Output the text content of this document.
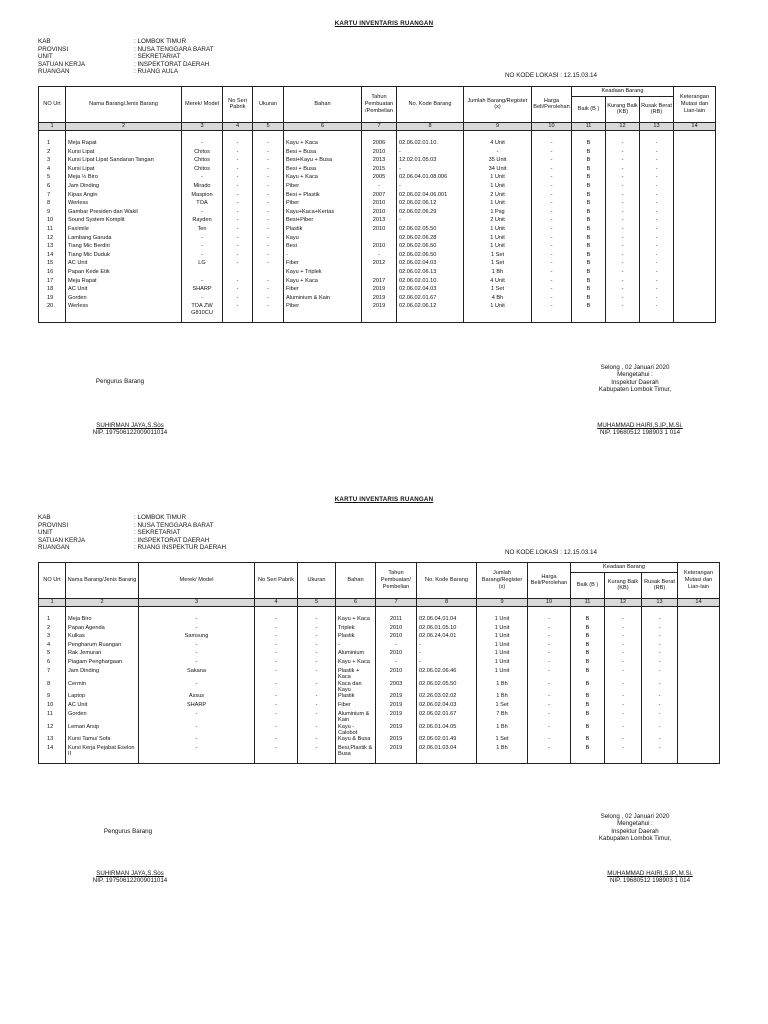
KARTU INVENTARIS RUANGAN
KAB	: LOMBOK TIMUR
PROVINSI	: NUSA TENGGARA BARAT
UNIT	: SEKRETARIAT
SATUAN KERJA	: INSPEKTORAT DAERAH
RUANGAN	: RUANG AULA
NO KODE LOKASI : 12.15.03.14
NO Urt	Nama Barang/Jenis Barang	Merek/ Model	No Seri Pabrik	Ukuran	Bahan	Tahun Pembuatan /Pembelian	No. Kode Barang	Jumlah Barang/Register (x)	Harga Beli/Perolehan	Keadaan Barang			Keterangan Mutasi dan Lian-lain
										Baik (B )	Kurang Baik (KB)	Rusak Berat (RB)	
1	2	3	4	5	6	7	8	9	10	11	12	13	14

1	Meja Rapat	-	-	-	Kayu + Kaca	2006	02.06.02.01.10.	4 Unit	-	B	-	-	
2	Kursi Lipat	Chitos	-	-	Besi + Busa	2010	-	-	-	B	-	-	
3	Kursi Lipat Lipat Sandaran Tangan	Chitos	-	-	Besi+Kayu + Busa	2013	12.02.01.05.03	35 Unit	-	B	-	-	
4	Kursi Lipat	Chitos	-	-	Besi + Busa	2015	-	34 Unit	-	B	-	-	
5	Meja ½ Biro	-	-	-	Kayu + Kaca	2005	02.06.04.01.08.006	1 Unit	-	B	-	-	
6	Jam Dinding	Mirado	-	-	Piber	-	-	1 Unit	-	B	-	-	
7	Kipas Angin	Maspion	-	-	Besi + Plastik	2007	02.06.02.04.06.001	2 Unit	-	B	-	-	
8	Werless	TOA	-	-	Piber	2010	02.06.02.06.12	1 Unit	-	B	-	-	
9	Gambar Presiden dan Wakil	-	-	-	Kayu+Kaca+Kertas	2010	02.06.02.06.29	1 Psg	-	B	-	-	
10	Sound System Komplit	Rayden	-	-	Besi+Piber	2013	-	2 Unit	-	B	-	-	
11	Faximile	Ten	-	-	Plastik	2010	02.06.02.05.50	1 Unit	-	B	-	-	
12	Lambang Garuda	-	-	-	Kayu		02.06.02.06.28	1 Unit	-	B	-	-	
13	Tiang Mic Berdiri	-	-	-	Besi	2010	02.06.02.06.50	1 Unit	-	B	-	-	
14	Tiang Mic Duduk	-	-	-	-	-	02.06.02.06.50	1 Set	-	B	-	-	
15	AC Unit	LG	-	-	Fiber	2012	02.06.02.04.03	1 Set	-	B	-	-	
16	Papan Kede Etik				Kayu + Triplek		02.06.02.06.13	1 Bh	-	B	-	-	
17	Meja Rapat	-	-	-	Kayu + Kaca	2017	02.06.02.01.10.	4 Unit	-	B	-	-	
18	AC Unit	SHARP	-	-	Fiber	2019	02.06.02.04.03	1 Set	-	B	-	-	
19	Gorden	-	-	-	Aluminium & Kain	2019	02.06.02.01.67	4 Bh	-	B	-	-	
20	Werless	TOA ZW G810CU	-	-	Piber	2019	02.06.02.06.12	1 Unit	-	B	-	-	

Pengurus Barang
Selong , 02 Januari 2020
Mengetahui :
Inspektur Daerah
Kabupaten Lombok Timur,
SUHIRMAN JAYA,S.Sos
NIP. 197506122009011014
MUHAMMAD HAIRI,S.IP.,M.Si.
NIP. 19680512 198903 1 014
KARTU INVENTARIS RUANGAN
KAB	: LOMBOK TIMUR
PROVINSI	: NUSA TENGGARA BARAT
UNIT	: SEKRETARIAT
SATUAN KERJA	: INSPEKTORAT DAERAH
RUANGAN	: RUANG INSPEKTUR DAERAH
NO KODE LOKASI : 12.15.03.14
NO Urt	Nama Barang/Jenis Barang	Merek/ Model	No Seri Pabrik	Ukuran	Bahan	Tahun Pembuatan/ Pembelian	No. Kode Barang	Jumlah Barang/Register (x)	Harga Beli/Perolehan	Keadaan Barang			Keterangan Mutasi dan Lian-lain
										Baik (B )	Kurang Baik (KB)	Rusak Berat (RB)	
1	2	3	4	5	6	7	8	9	10	11	12	13	14

1	Meja Biro	-	-	-	Kayu + Kaca	2011	02.06.04,01.04	1 Unit	-	B	-	-	
2	Papan Agenda	-	-	-	Triplek	2010	02.06.01.05.10	1 Unit	-	B	-	-	
3	Kulkas	Samsung	-	-	Plastik	2010	02.06.24,04.01	1 Unit	-	B	-	-	
4	Pengharum Ruangan	-	-	-	-	-	-	1 Unit	-	B	-	-	
5	Rak Jemuran	-	-	-	Aluminium	2010	-	1 Unit	-	B	-	-	
6	Piagam Penghargaan	-	-	-	Kayu + Kaca	-	-	1 Unit	-	B	-	-	
7	Jam Dinding	Sakana	-	-	Plastik + Kaca	2010	02.06.02.06.46	1 Unit	-	B	-	-	
8	Cermin	-	-	-	Kaca dan Kayu	2003	02.06.02.05.50	1 Bh	-	B	-	-	
9	Laptop	Assus	-	-	Plastik	2019	02.26.03.02.02	1 Bh	-	B	-	-	
10	AC Unit	SHARP	-	-	Fiber	2019	02.06.02.04.03	1 Set	-	B	-	-	
11	Gorden	-	-	-	Aluminium & Kain	2019	02.06.02.01.67	7 Bh	-	B	-	-	
12	Lemari Arsip	-	-	-	Kayu - Calobot	2019	02.06.01.04.05	1 Bh	-	B	-	-	
13	Kursi Tamu/ Sofa	-	-	-	Kayu & Busa	2019	02.06.02.01.49	1 Set	-	B	-	-	
14	Kursi Kerja Pejabat Eselon II	-	-	-	Besi,Plastik & Busa	2019	02.06.01.03.04	1 Bh	-	B	-	-	

Pengurus Barang
Selong , 02 Januari 2020
Mengetahui :
Inspektur Daerah
Kabupaten Lombok Timur,
SUHIRMAN JAYA,S.Sos
NIP. 197506122009011014
MUHAMMAD HAIRI,S.IP.,M.Si.
NIP. 19680512 198903 1 014
